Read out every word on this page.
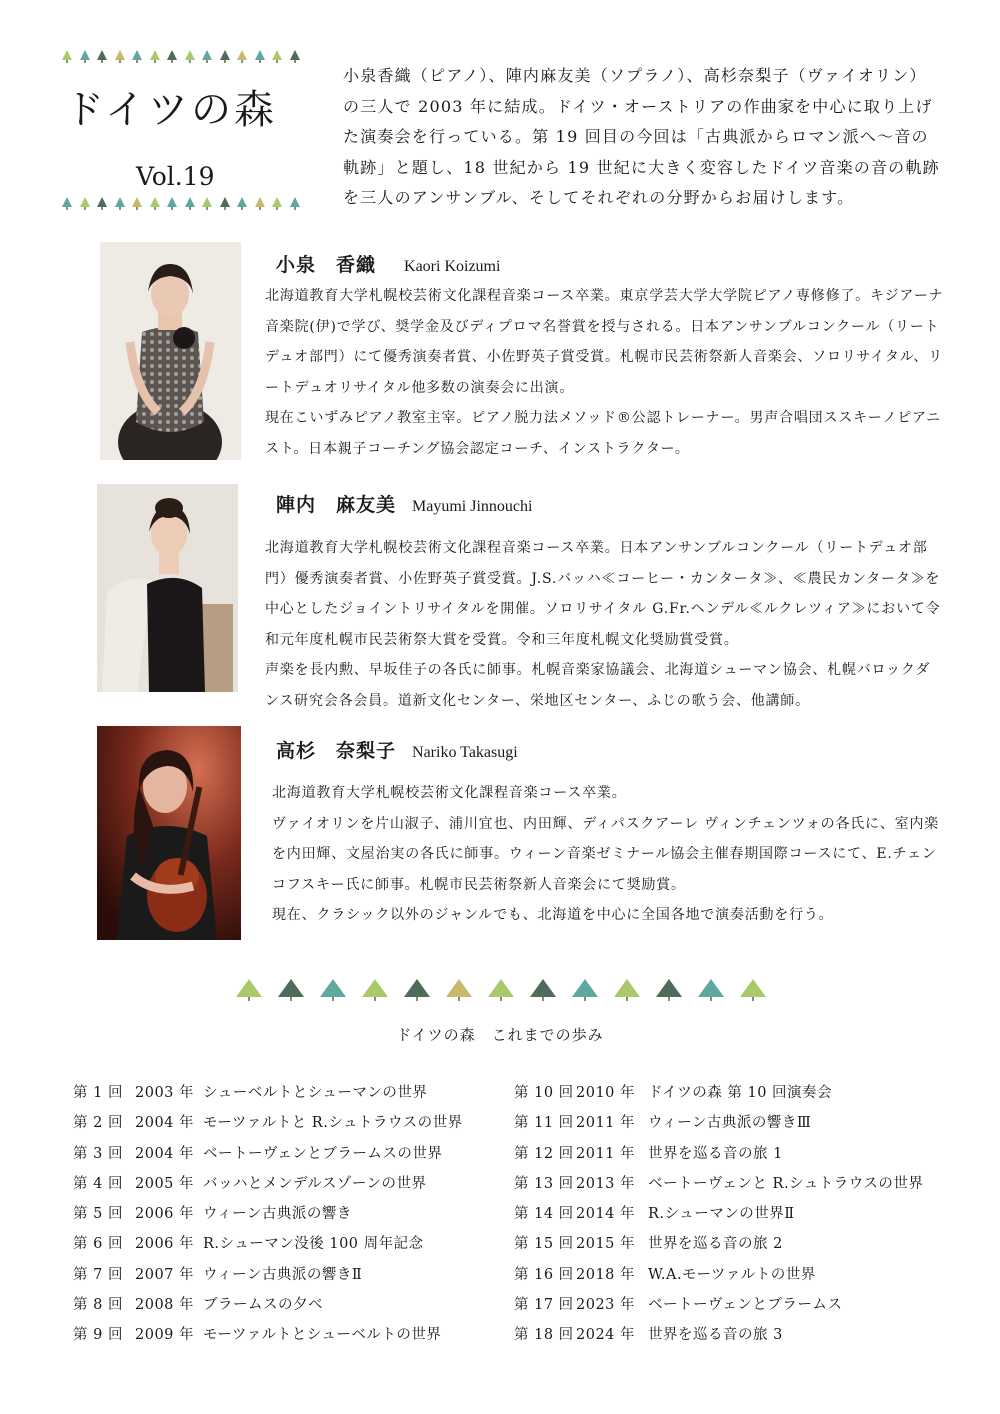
ドイツの森
Vol.19

小泉香織（ピアノ）、陣内麻友美（ソプラノ）、高杉奈梨子（ヴァイオリン）の三人で 2003 年に結成。ドイツ・オーストリアの作曲家を中心に取り上げた演奏会を行っている。第 19 回目の今回は「古典派からロマン派へ〜音の軌跡」と題し、18 世紀から 19 世紀に大きく変容したドイツ音楽の音の軌跡を三人のアンサンブル、そしてそれぞれの分野からお届けします。

小泉　香織 Kaori Koizumi

北海道教育大学札幌校芸術文化課程音楽コース卒業。東京学芸大学大学院ピアノ専修修了。キジアーナ音楽院(伊)で学び、奨学金及びディプロマ名誉賞を授与される。日本アンサンブルコンクール（リートデュオ部門）にて優秀演奏者賞、小佐野英子賞受賞。札幌市民芸術祭新人音楽会、ソロリサイタル、リートデュオリサイタル他多数の演奏会に出演。

現在こいずみピアノ教室主宰。ピアノ脱力法メソッド®公認トレーナー。男声合唱団ススキーノピアニスト。日本親子コーチング協会認定コーチ、インストラクター。

陣内　麻友美 Mayumi Jinnouchi

北海道教育大学札幌校芸術文化課程音楽コース卒業。日本アンサンブルコンクール（リートデュオ部門）優秀演奏者賞、小佐野英子賞受賞。J.S.バッハ≪コーヒー・カンタータ≫、≪農民カンタータ≫を中心としたジョイントリサイタルを開催。ソロリサイタル G.Fr.ヘンデル≪ルクレツィア≫において令和元年度札幌市民芸術祭大賞を受賞。令和三年度札幌文化奨励賞受賞。

声楽を長内勲、早坂佳子の各氏に師事。札幌音楽家協議会、北海道シューマン協会、札幌バロックダンス研究会各会員。道新文化センター、栄地区センター、ふじの歌う会、他講師。

高杉　奈梨子 Nariko Takasugi

北海道教育大学札幌校芸術文化課程音楽コース卒業。

ヴァイオリンを片山淑子、浦川宜也、内田輝、ディパスクアーレ ヴィンチェンツォの各氏に、室内楽を内田輝、文屋治実の各氏に師事。ウィーン音楽ゼミナール協会主催春期国際コースにて、E.チェンコフスキー氏に師事。札幌市民芸術祭新人音楽会にて奨励賞。

現在、クラシック以外のジャンルでも、北海道を中心に全国各地で演奏活動を行う。

ドイツの森　これまでの歩み
第 1 回 2003 年 シューベルトとシューマンの世界
第 2 回 2004 年 モーツァルトと R.シュトラウスの世界
第 3 回 2004 年 ベートーヴェンとブラームスの世界
第 4 回 2005 年 バッハとメンデルスゾーンの世界
第 5 回 2006 年 ウィーン古典派の響き
第 6 回 2006 年 R.シューマン没後 100 周年記念
第 7 回 2007 年 ウィーン古典派の響きⅡ
第 8 回 2008 年 ブラームスの夕べ
第 9 回 2009 年 モーツァルトとシューベルトの世界
第 10 回 2010 年 ドイツの森 第 10 回演奏会
第 11 回 2011 年 ウィーン古典派の響きⅢ
第 12 回 2011 年 世界を巡る音の旅 1
第 13 回 2013 年 ベートーヴェンと R.シュトラウスの世界
第 14 回 2014 年 R.シューマンの世界Ⅱ
第 15 回 2015 年 世界を巡る音の旅 2
第 16 回 2018 年 W.A.モーツァルトの世界
第 17 回 2023 年 ベートーヴェンとブラームス
第 18 回 2024 年 世界を巡る音の旅 3
